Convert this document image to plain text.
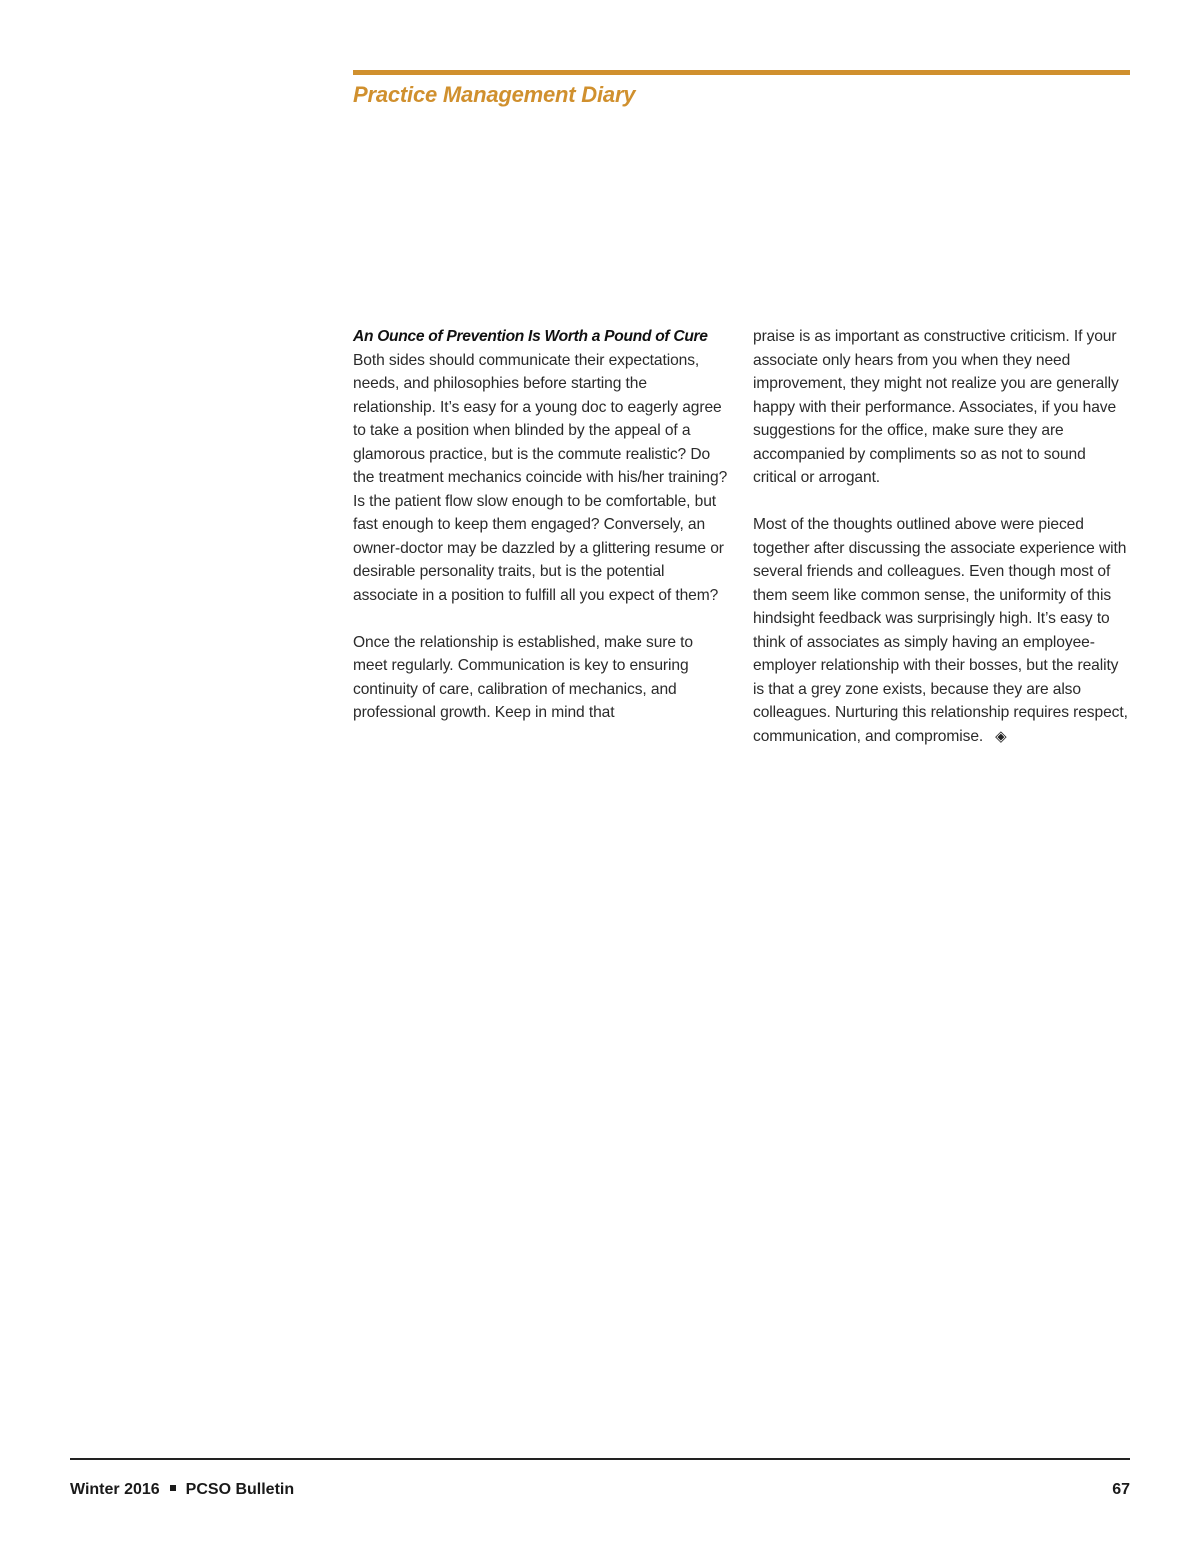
Practice Management Diary

An Ounce of Prevention Is Worth a Pound of Cure
Both sides should communicate their expectations, needs, and philosophies before starting the relationship. It’s easy for a young doc to eagerly agree to take a position when blinded by the appeal of a glamorous practice, but is the commute realistic? Do the treatment mechanics coincide with his/her training? Is the patient flow slow enough to be comfortable, but fast enough to keep them engaged? Conversely, an owner-doctor may be dazzled by a glittering resume or desirable personality traits, but is the potential associate in a position to fulfill all you expect of them?

Once the relationship is established, make sure to meet regularly. Communication is key to ensuring continuity of care, calibration of mechanics, and professional growth. Keep in mind that

praise is as important as constructive criticism. If your associate only hears from you when they need improvement, they might not realize you are generally happy with their performance. Associates, if you have suggestions for the office, make sure they are accompanied by compliments so as not to sound critical or arrogant.

Most of the thoughts outlined above were pieced together after discussing the associate experience with several friends and colleagues. Even though most of them seem like common sense, the uniformity of this hindsight feedback was surprisingly high. It’s easy to think of associates as simply having an employee-employer relationship with their bosses, but the reality is that a grey zone exists, because they are also colleagues. Nurturing this relationship requires respect, communication, and compromise. ◈

Winter 2016 PCSO Bulletin	67
